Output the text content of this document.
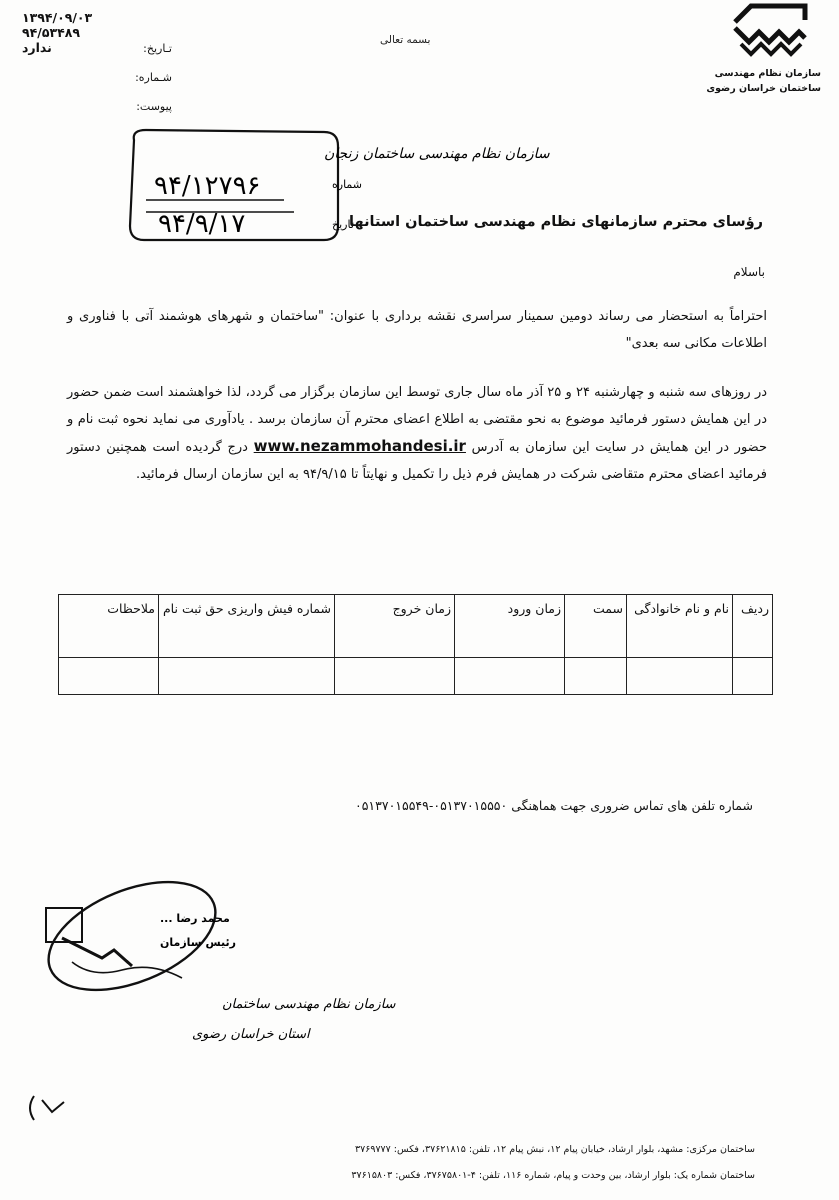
۱۳۹۴/۰۹/۰۳
۹۴/۵۳۴۸۹
ندارد	تـاریخ:
شـماره:
پیوست:
بسمه تعالی
سازمان نظام مهندسی
ساختمان خراسان رضوی
سازمان نظام مهندسی ساختمان زنجان
شماره
۹۴/۱۲۷۹۶
تاریخ
۹۴/۹/۱۷	رؤسای محترم سازمانهای نظام مهندسی ساختمان استانها
باسلام
احتراماً به استحضار می رساند دومین سمینار سراسری نقشه برداری با عنوان: "ساختمان و شهرهای هوشمند آتی با فناوری و اطلاعات مکانی سه بعدی"
در روزهای سه شنبه و چهارشنبه ۲۴ و ۲۵ آذر ماه سال جاری توسط این سازمان برگزار می گردد، لذا خواهشمند است ضمن حضور در این همایش دستور فرمائید موضوع به نحو مقتضی به اطلاع اعضای محترم آن سازمان برسد . یادآوری می نماید نحوه ثبت نام و حضور در این همایش در سایت این سازمان به آدرس www.nezammohandesi.ir درج گردیده است همچنین دستور فرمائید اعضای محترم متقاضی شرکت در همایش فرم ذیل را تکمیل و نهایتاً تا ۹۴/۹/۱۵ به این سازمان ارسال فرمائید.
ردیف	نام و نام خانوادگی	سمت	زمان ورود	زمان خروج	شماره فیش واریزی حق ثبت نام	ملاحظات

شماره تلفن های تماس ضروری جهت هماهنگی ۰۵۱۳۷۰۱۵۵۵۰-۰۵۱۳۷۰۱۵۵۴۹
محمد رضا ...
رئیس سازمان
سازمان نظام مهندسی ساختمان
استان خراسان رضوی
ساختمان مرکزی: مشهد، بلوار ارشاد، خیابان پیام ۱۲، نبش پیام ۱۲، تلفن: ۳۷۶۲۱۸۱۵، فکس: ۳۷۶۹۷۷۷
ساختمان شماره یک: بلوار ارشاد، بین وحدت و پیام، شماره ۱۱۶، تلفن: ۴-۳۷۶۷۵۸۰۱، فکس: ۳۷۶۱۵۸۰۳
